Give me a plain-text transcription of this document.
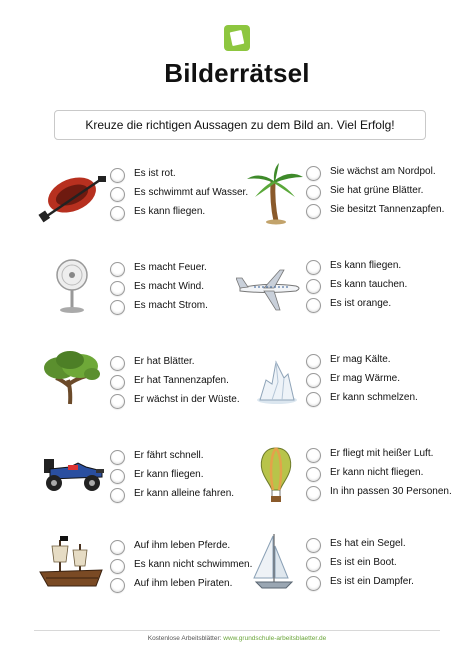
Bilderrätsel
Kreuze die richtigen Aussagen zu dem Bild an. Viel Erfolg!
Es ist rot.
Es schwimmt auf Wasser.
Es kann fliegen.
Sie wächst am Nordpol.
Sie hat grüne Blätter.
Sie besitzt Tannenzapfen.
Es macht Feuer.
Es macht Wind.
Es macht Strom.
Es kann fliegen.
Es kann tauchen.
Es ist orange.
Er hat Blätter.
Er hat Tannenzapfen.
Er wächst in der Wüste.
Er mag Kälte.
Er mag Wärme.
Er kann schmelzen.
Er fährt schnell.
Er kann fliegen.
Er kann alleine fahren.
Er fliegt mit heißer Luft.
Er kann nicht fliegen.
In ihn passen 30 Personen.
Auf ihm leben Pferde.
Es kann nicht schwimmen.
Auf ihm leben Piraten.
Es hat ein Segel.
Es ist ein Boot.
Es ist ein Dampfer.
Kostenlose Arbeitsblätter: www.grundschule-arbeitsblaetter.de
